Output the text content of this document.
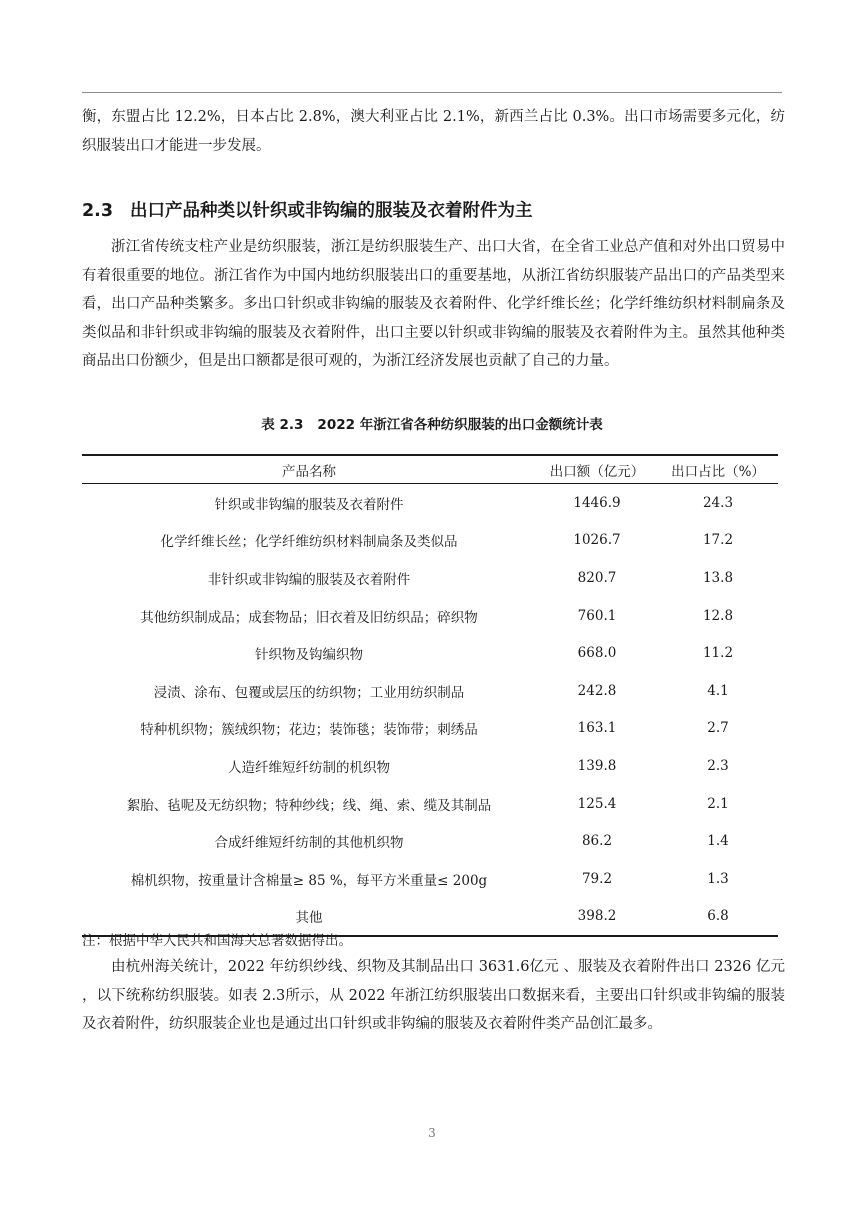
衡，东盟占比 12.2%，日本占比 2.8%，澳大利亚占比 2.1%，新西兰占比 0.3%。出口市场需要多元化，纺织服装出口才能进一步发展。

2.3 出口产品种类以针织或非钩编的服装及衣着附件为主

浙江省传统支柱产业是纺织服装，浙江是纺织服装生产、出口大省，在全省工业总产值和对外出口贸易中有着很重要的地位。浙江省作为中国内地纺织服装出口的重要基地，从浙江省纺织服装产品出口的产品类型来看，出口产品种类繁多。多出口针织或非钩编的服装及衣着附件、化学纤维长丝；化学纤维纺织材料制扁条及类似品和非针织或非钩编的服装及衣着附件，出口主要以针织或非钩编的服装及衣着附件为主。虽然其他种类商品出口份额少，但是出口额都是很可观的，为浙江经济发展也贡献了自己的力量。

表 2.3 2022 年浙江省各种纺织服装的出口金额统计表

产品名称	出口额（亿元）	出口占比（%）
针织或非钩编的服装及衣着附件	1446.9	24.3
化学纤维长丝；化学纤维纺织材料制扁条及类似品	1026.7	17.2
非针织或非钩编的服装及衣着附件	820.7	13.8
其他纺织制成品；成套物品；旧衣着及旧纺织品；碎织物	760.1	12.8
针织物及钩编织物	668.0	11.2
浸渍、涂布、包覆或层压的纺织物；工业用纺织制品	242.8	4.1
特种机织物；簇绒织物；花边；装饰毯；装饰带；刺绣品	163.1	2.7
人造纤维短纤纺制的机织物	139.8	2.3
絮胎、毡呢及无纺织物；特种纱线；线、绳、索、缆及其制品	125.4	2.1
合成纤维短纤纺制的其他机织物	86.2	1.4
棉机织物，按重量计含棉量≥ 85 %，每平方米重量≤ 200g	79.2	1.3
其他	398.2	6.8

注：根据中华人民共和国海关总署数据得出。

由杭州海关统计，2022 年纺织纱线、织物及其制品出口 3631.6亿元 、服装及衣着附件出口 2326 亿元 ，以下统称纺织服装。如表 2.3所示，从 2022 年浙江纺织服装出口数据来看，主要出口针织或非钩编的服装及衣着附件，纺织服装企业也是通过出口针织或非钩编的服装及衣着附件类产品创汇最多。

3
